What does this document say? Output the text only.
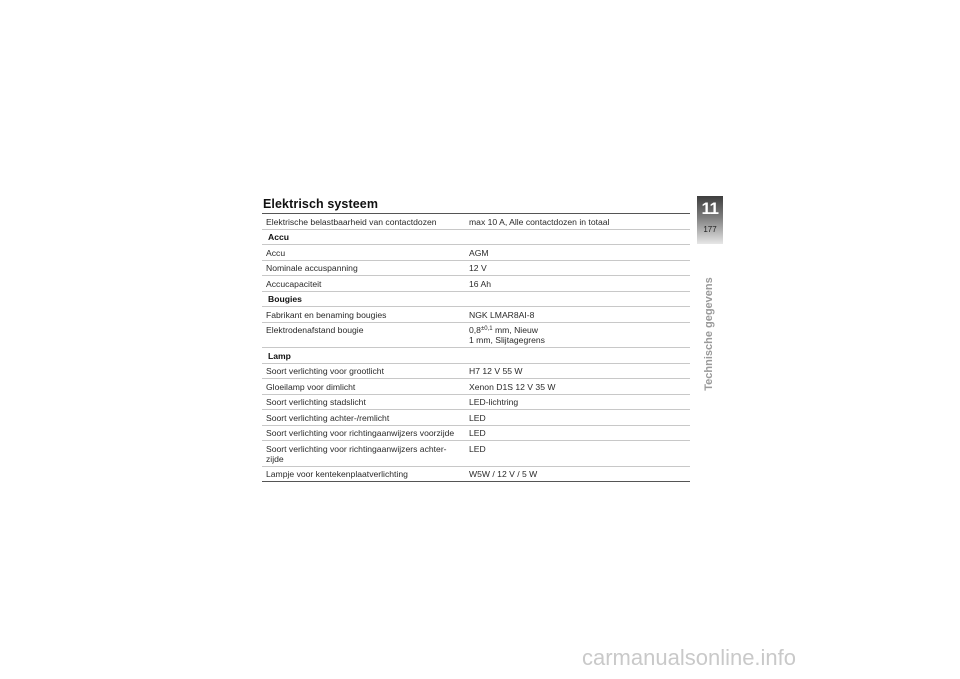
Elektrisch systeem
Elektrische belastbaarheid van contactdozen	max 10 A, Alle contactdozen in totaal
Accu	
Accu	AGM
Nominale accuspanning	12 V
Accucapaciteit	16 Ah
Bougies	
Fabrikant en benaming bougies	NGK LMAR8AI-8
Elektrodenafstand bougie	$0,8^{\pm 0,1}$ mm, Nieuw
1 mm, Slijtagegrens
Lamp	
Soort verlichting voor grootlicht	H7 12 V 55 W
Gloeilamp voor dimlicht	Xenon D1S 12 V 35 W
Soort verlichting stadslicht	LED-lichtring
Soort verlichting achter-/remlicht	LED
Soort verlichting voor richtingaanwijzers voorzijde	LED
Soort verlichting voor richtingaanwijzers achter-zijde	LED
Lampje voor kentekenplaatverlichting	W5W / 12 V / 5 W
11
177
Technische gegevens
carmanualsonline.info
